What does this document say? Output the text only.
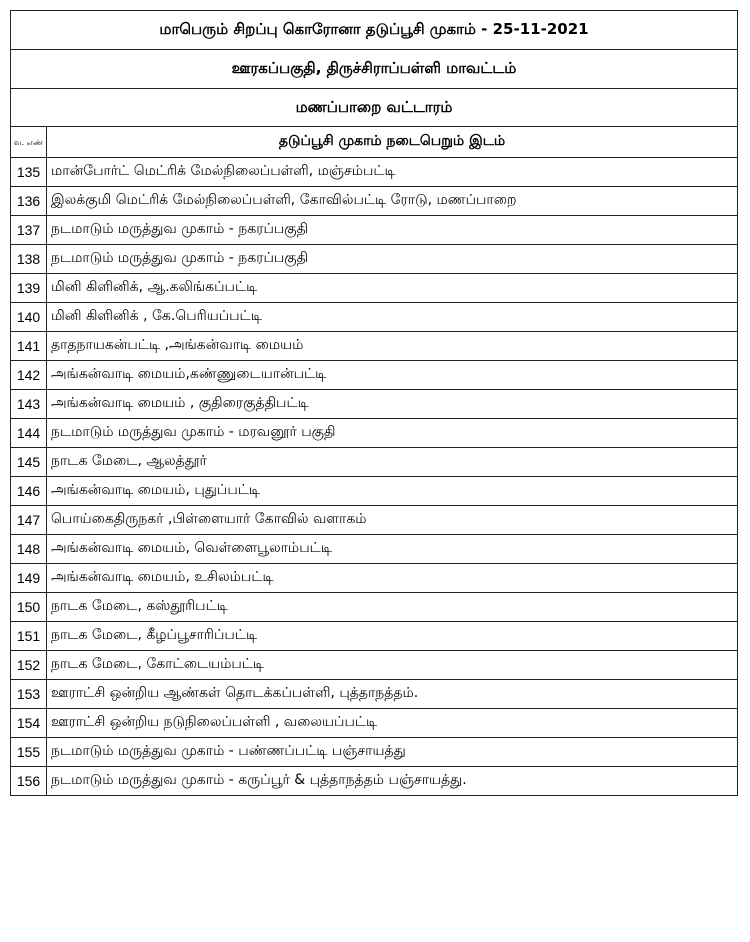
மாபெரும் சிறப்பு கொரோனா தடுப்பூசி முகாம் - 25-11-2021	
ஊரகப்பகுதி, திருச்சிராப்பள்ளி மாவட்டம்	
மணப்பாறை வட்டாரம்	
வ. எண்	தடுப்பூசி முகாம் நடைபெறும் இடம்
135	மான்போர்ட் மெட்ரிக் மேல்நிலைப்பள்ளி, மஞ்சம்பட்டி
136	இலக்குமி மெட்ரிக் மேல்நிலைப்பள்ளி, கோவில்பட்டி ரோடு, மணப்பாறை
137	நடமாடும் மருத்துவ முகாம் - நகரப்பகுதி
138	நடமாடும் மருத்துவ முகாம் - நகரப்பகுதி
139	மினி கிளினிக், ஆ.கலிங்கப்பட்டி
140	மினி கிளினிக் , கே.பெரியப்பட்டி
141	தாதநாயகன்பட்டி ,அங்கன்வாடி மையம்
142	அங்கன்வாடி மையம்,கண்ணுடையான்பட்டி
143	அங்கன்வாடி மையம் , குதிரைகுத்திபட்டி
144	நடமாடும் மருத்துவ முகாம் - மரவனூர் பகுதி
145	நாடக மேடை, ஆலத்தூர்
146	அங்கன்வாடி மையம், புதுப்பட்டி
147	பொய்கைதிருநகர் ,பிள்ளையார் கோவில் வளாகம்
148	அங்கன்வாடி மையம், வெள்ளைபூலாம்பட்டி
149	அங்கன்வாடி மையம், உசிலம்பட்டி
150	நாடக மேடை, கஸ்தூரிபட்டி
151	நாடக மேடை, கீழப்பூசாரிப்பட்டி
152	நாடக மேடை, கோட்டையம்பட்டி
153	ஊராட்சி ஒன்றிய ஆண்கள் தொடக்கப்பள்ளி, புத்தாநத்தம்.
154	ஊராட்சி ஒன்றிய நடுநிலைப்பள்ளி , வலையப்பட்டி
155	நடமாடும் மருத்துவ முகாம் - பண்ணப்பட்டி பஞ்சாயத்து
156	நடமாடும் மருத்துவ முகாம் - கருப்பூர் & புத்தாநத்தம் பஞ்சாயத்து.
